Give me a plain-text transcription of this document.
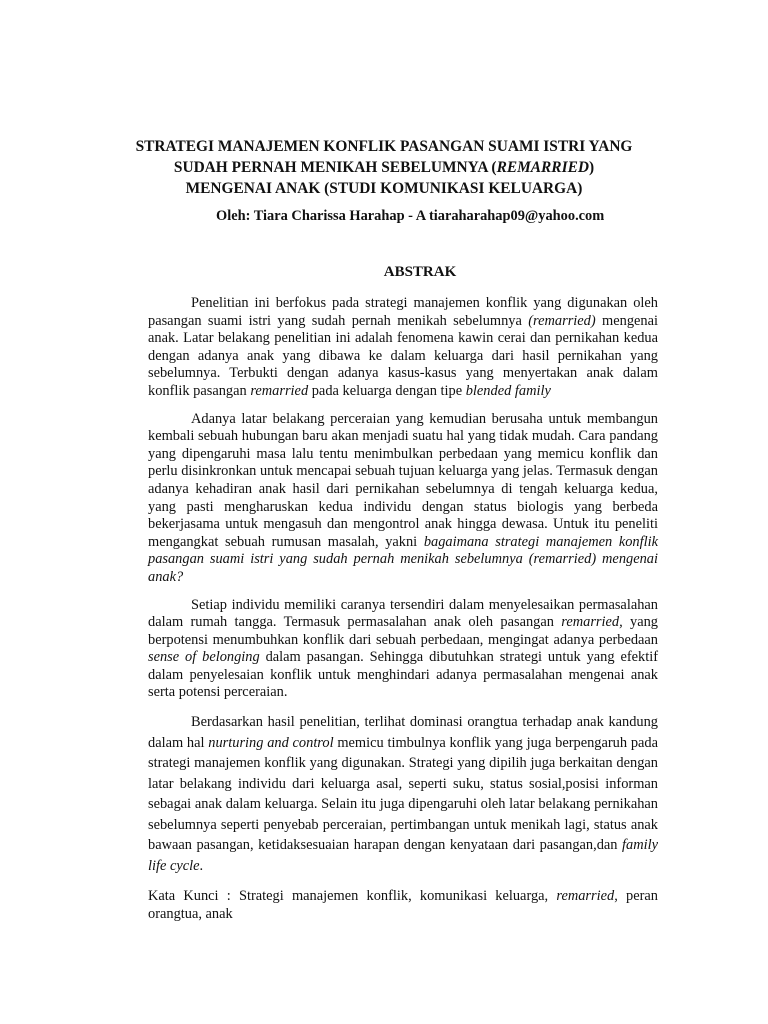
STRATEGI MANAJEMEN KONFLIK PASANGAN SUAMI ISTRI YANG
SUDAH PERNAH MENIKAH SEBELUMNYA (REMARRIED)
MENGENAI ANAK (STUDI KOMUNIKASI KELUARGA)
Oleh: Tiara Charissa Harahap - A tiaraharahap09@yahoo.com
ABSTRAK

Penelitian ini berfokus pada strategi manajemen konflik yang digunakan oleh pasangan suami istri yang sudah pernah menikah sebelumnya (remarried) mengenai anak. Latar belakang penelitian ini adalah fenomena kawin cerai dan pernikahan kedua dengan adanya anak yang dibawa ke dalam keluarga dari hasil pernikahan yang sebelumnya. Terbukti dengan adanya kasus-kasus yang menyertakan anak dalam konflik pasangan remarried pada keluarga dengan tipe blended family

Adanya latar belakang perceraian yang kemudian berusaha untuk membangun kembali sebuah hubungan baru akan menjadi suatu hal yang tidak mudah. Cara pandang yang dipengaruhi masa lalu tentu menimbulkan perbedaan yang memicu konflik dan perlu disinkronkan untuk mencapai sebuah tujuan keluarga yang jelas. Termasuk dengan adanya kehadiran anak hasil dari pernikahan sebelumnya di tengah keluarga kedua, yang pasti mengharuskan kedua individu dengan status biologis yang berbeda bekerjasama untuk mengasuh dan mengontrol anak hingga dewasa. Untuk itu peneliti mengangkat sebuah rumusan masalah, yakni bagaimana strategi manajemen konflik pasangan suami istri yang sudah pernah menikah sebelumnya (remarried) mengenai anak?

Setiap individu memiliki caranya tersendiri dalam menyelesaikan permasalahan dalam rumah tangga. Termasuk permasalahan anak oleh pasangan remarried, yang berpotensi menumbuhkan konflik dari sebuah perbedaan, mengingat adanya perbedaan sense of belonging dalam pasangan. Sehingga dibutuhkan strategi untuk yang efektif dalam penyelesaian konflik untuk menghindari adanya permasalahan mengenai anak serta potensi perceraian.

Berdasarkan hasil penelitian, terlihat dominasi orangtua terhadap anak kandung dalam hal nurturing and control memicu timbulnya konflik yang juga berpengaruh pada strategi manajemen konflik yang digunakan. Strategi yang dipilih juga berkaitan dengan latar belakang individu dari keluarga asal, seperti suku, status sosial,posisi informan sebagai anak dalam keluarga. Selain itu juga dipengaruhi oleh latar belakang pernikahan sebelumnya seperti penyebab perceraian, pertimbangan untuk menikah lagi, status anak bawaan pasangan, ketidaksesuaian harapan dengan kenyataan dari pasangan,dan family life cycle.

Kata Kunci : Strategi manajemen konflik, komunikasi keluarga, remarried, peran orangtua, anak
